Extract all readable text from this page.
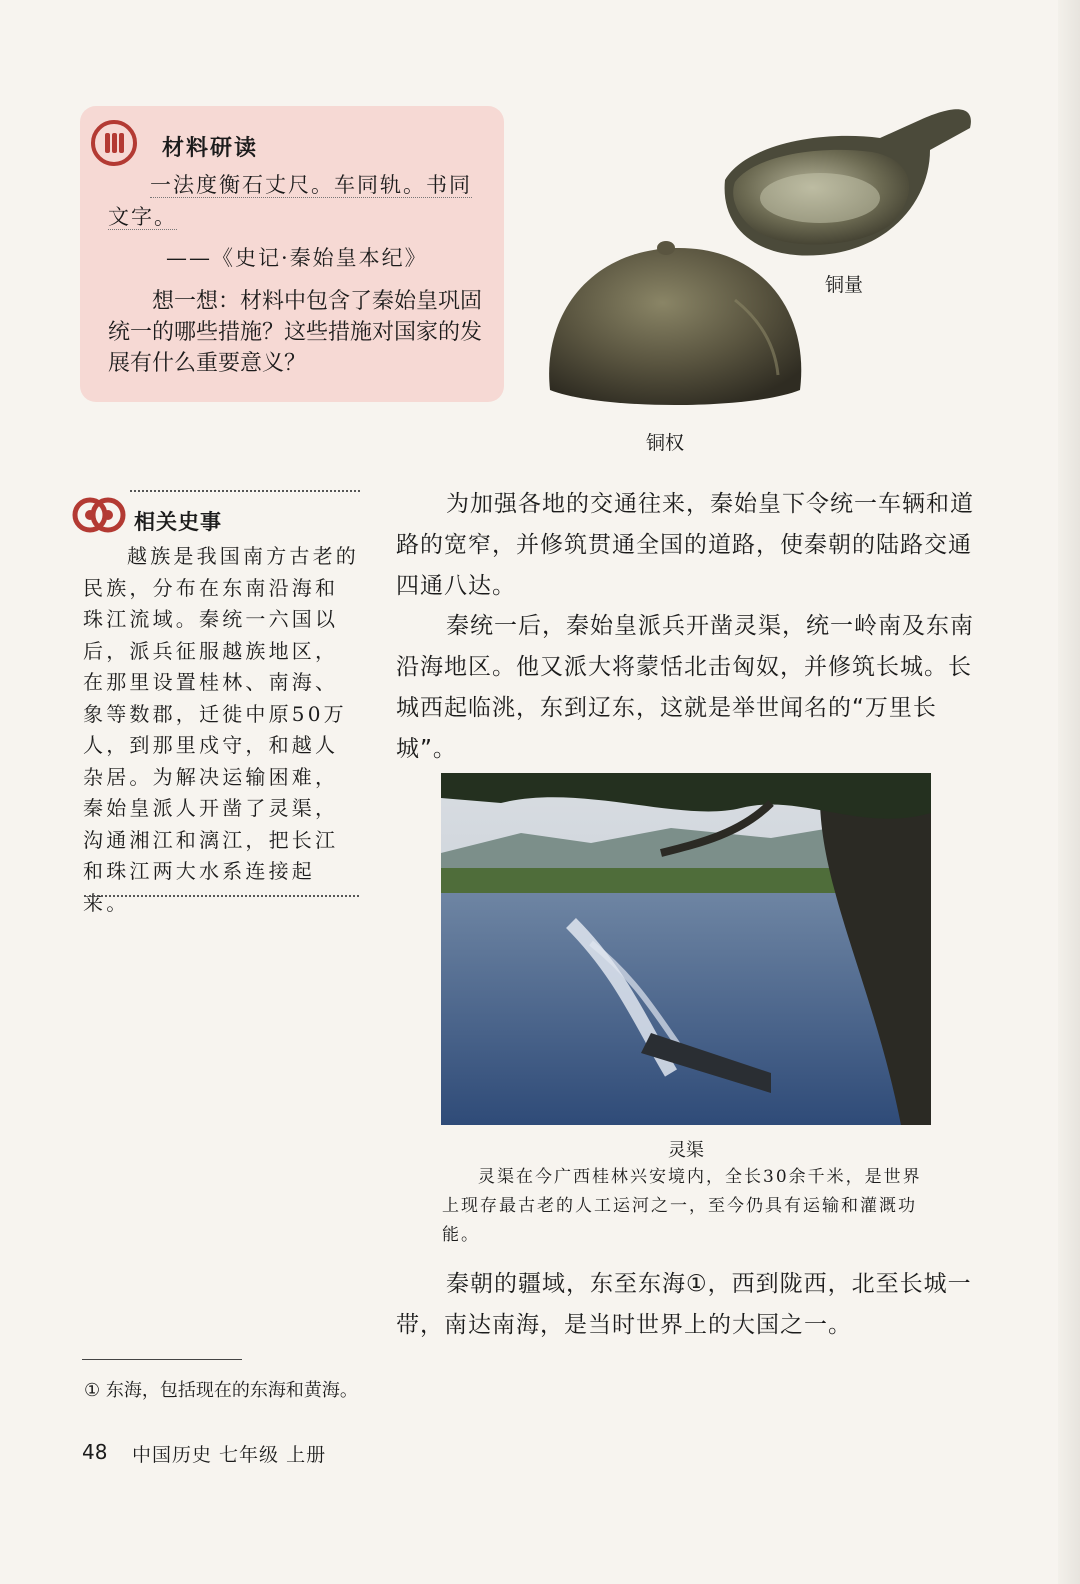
材料研读
一法度衡石丈尺。车同轨。书同文字。
——《史记·秦始皇本纪》
想一想：材料中包含了秦始皇巩固统一的哪些措施？这些措施对国家的发展有什么重要意义？
铜量
铜权
相关史事
越族是我国南方古老的民族，分布在东南沿海和珠江流域。秦统一六国以后，派兵征服越族地区，在那里设置桂林、南海、象等数郡，迁徙中原50万人，到那里戍守，和越人杂居。为解决运输困难，秦始皇派人开凿了灵渠，沟通湘江和漓江，把长江和珠江两大水系连接起来。
为加强各地的交通往来，秦始皇下令统一车辆和道路的宽窄，并修筑贯通全国的道路，使秦朝的陆路交通四通八达。
秦统一后，秦始皇派兵开凿灵渠，统一岭南及东南沿海地区。他又派大将蒙恬北击匈奴，并修筑长城。长城西起临洮，东到辽东，这就是举世闻名的“万里长城”。
灵渠
灵渠在今广西桂林兴安境内，全长30余千米，是世界上现存最古老的人工运河之一，至今仍具有运输和灌溉功能。
秦朝的疆域，东至东海①，西到陇西，北至长城一带，南达南海，是当时世界上的大国之一。
① 东海，包括现在的东海和黄海。
48 中国历史 七年级 上册
